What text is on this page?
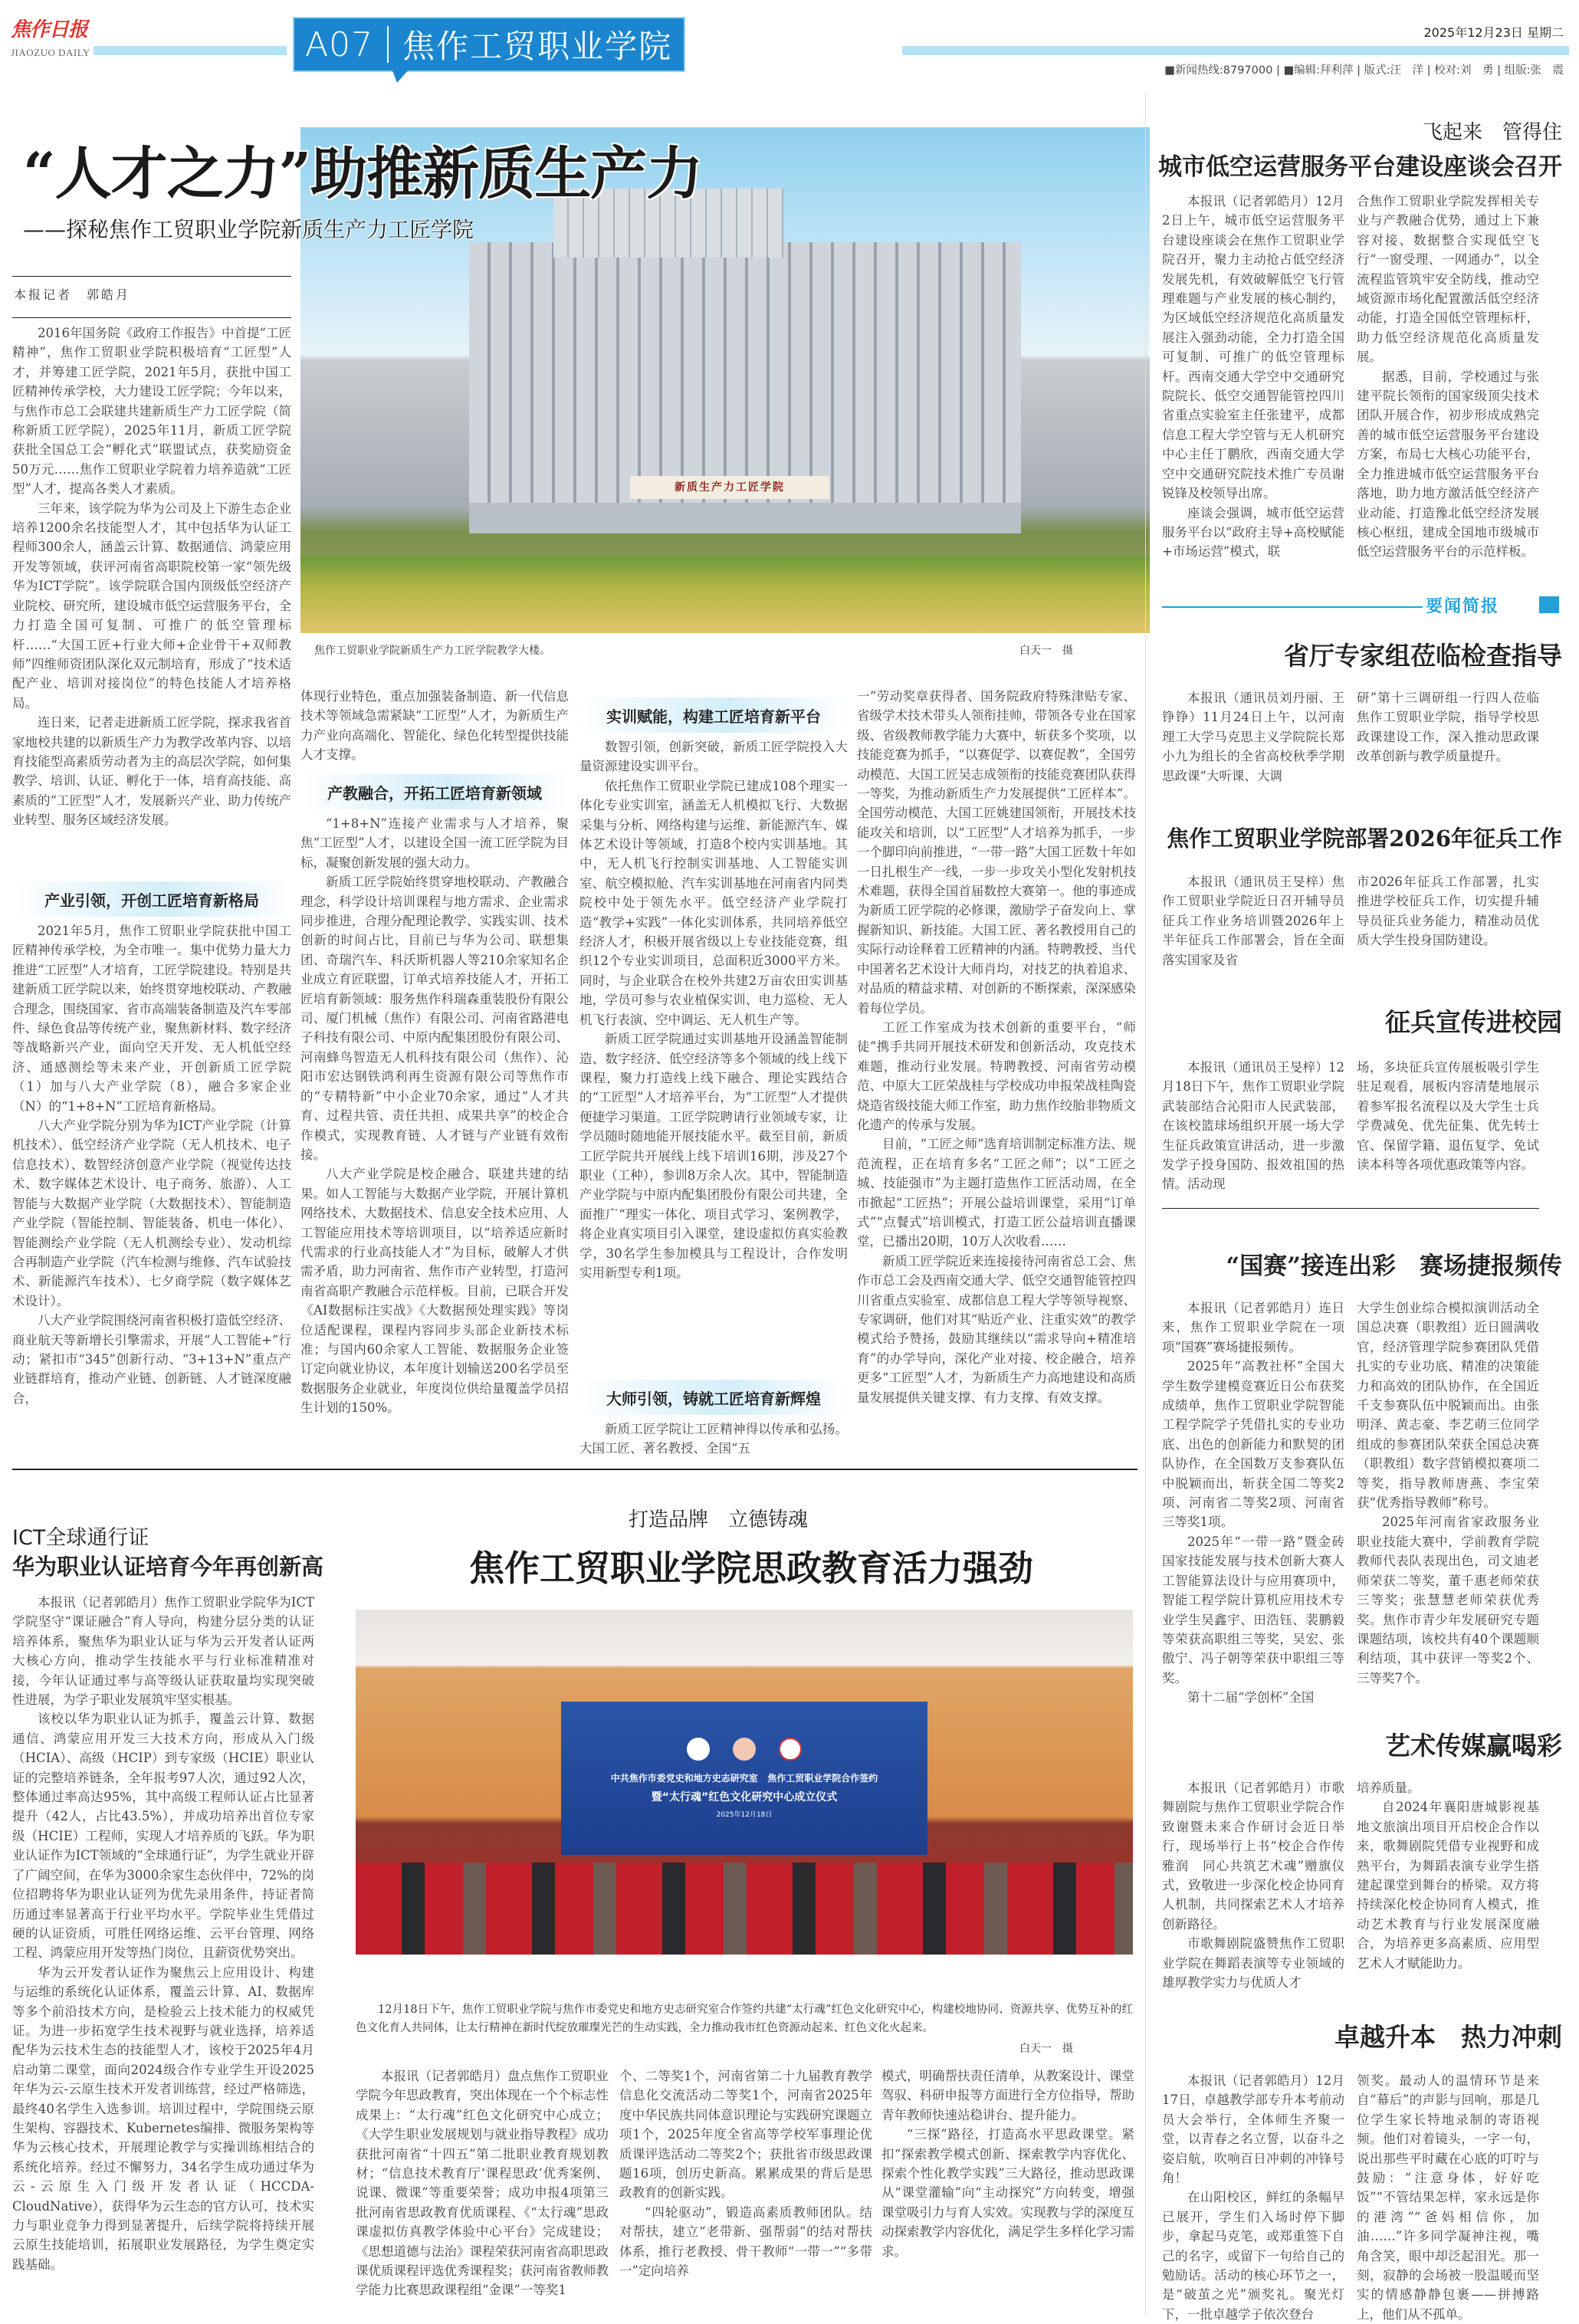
焦作日报
JIAOZUO DAILY	A07 焦作工贸职业学院	2025年12月23日 星期二
■新闻热线:8797000 | ■编辑:拜利萍 | 版式:汪　洋 | 校对:刘　勇 | 组版:张　震
新质生产力工匠学院
“人才之力”助推新质生产力
——探秘焦作工贸职业学院新质生产力工匠学院
本报记者　郭皓月
焦作工贸职业学院新质生产力工匠学院教学大楼。	白天一　摄

2016年国务院《政府工作报告》中首提“工匠精神”，焦作工贸职业学院积极培育“工匠型”人才，并筹建工匠学院，2021年5月，获批中国工匠精神传承学校，大力建设工匠学院；今年以来，与焦作市总工会联建共建新质生产力工匠学院（简称新质工匠学院），2025年11月，新质工匠学院获批全国总工会“孵化式”联盟试点，获奖励资金50万元……焦作工贸职业学院着力培养造就“工匠型”人才，提高各类人才素质。

三年来，该学院为华为公司及上下游生态企业培养1200余名技能型人才，其中包括华为认证工程师300余人，涵盖云计算、数据通信、鸿蒙应用开发等领域，获评河南省高职院校第一家“领先级华为ICT学院”。该学院联合国内顶级低空经济产业院校、研究所，建设城市低空运营服务平台，全力打造全国可复制、可推广的低空管理标杆……“大国工匠+行业大师+企业骨干+双师教师”四维师资团队深化双元制培育，形成了“技术适配产业、培训对接岗位”的特色技能人才培养格局。

连日来，记者走进新质工匠学院，探求我省首家地校共建的以新质生产力为教学改革内容、以培育技能型高素质劳动者为主的高层次学院，如何集教学、培训、认证、孵化于一体，培育高技能、高素质的“工匠型”人才，发展新兴产业、助力传统产业转型、服务区域经济发展。

产业引领，开创工匠培育新格局

2021年5月，焦作工贸职业学院获批中国工匠精神传承学校，为全市唯一。集中优势力量大力推进“工匠型”人才培育，工匠学院建设。特别是共建新质工匠学院以来，始终贯穿地校联动、产教融合理念，围绕国家、省市高端装备制造及汽车零部件、绿色食品等传统产业，聚焦新材料、数字经济等战略新兴产业，面向空天开发、无人机低空经济、通感测绘等未来产业，开创新质工匠学院（1）加与八大产业学院（8），融合多家企业（N）的“1+8+N”工匠培育新格局。

八大产业学院分别为华为ICT产业学院（计算机技术）、低空经济产业学院（无人机技术、电子信息技术）、数智经济创意产业学院（视觉传达技术、数字媒体艺术设计、电子商务、旅游）、人工智能与大数据产业学院（大数据技术）、智能制造产业学院（智能控制、智能装备、机电一体化）、智能测绘产业学院（无人机测绘专业）、发动机综合再制造产业学院（汽车检测与维修、汽车试验技术、新能源汽车技术）、七夕商学院（数字媒体艺术设计）。

八大产业学院围绕河南省积极打造低空经济、商业航天等新增长引擎需求，开展“人工智能+”行动；紧扣市“345”创新行动、“3+13+N”重点产业链群培育，推动产业链、创新链、人才链深度融合，

体现行业特色，重点加强装备制造、新一代信息技术等领域急需紧缺“工匠型”人才，为新质生产力产业向高端化、智能化、绿色化转型提供技能人才支撑。

产教融合，开拓工匠培育新领域

“1+8+N”连接产业需求与人才培养，聚焦“工匠型”人才，以建设全国一流工匠学院为目标，凝聚创新发展的强大动力。

新质工匠学院始终贯穿地校联动、产教融合理念，科学设计培训课程与地方需求、企业需求同步推进，合理分配理论教学、实践实训、技术创新的时间占比，目前已与华为公司、联想集团、奇瑞汽车、科沃斯机器人等210余家知名企业成立育匠联盟，订单式培养技能人才，开拓工匠培育新领域：服务焦作科瑞森重装股份有限公司、厦门机械（焦作）有限公司、河南省路港电子科技有限公司、中原内配集团股份有限公司、河南蜂鸟智造无人机科技有限公司（焦作）、沁阳市宏达钢铁鸿利再生资源有限公司等焦作市的“专精特新”中小企业70余家，通过“人才共育、过程共管、责任共担、成果共享”的校企合作模式，实现教育链、人才链与产业链有效衔接。

八大产业学院是校企融合、联建共建的结果。如人工智能与大数据产业学院，开展计算机网络技术、大数据技术、信息安全技术应用、人工智能应用技术等培训项目，以“培养适应新时代需求的行业高技能人才”为目标，破解人才供需矛盾，助力河南省、焦作市产业转型，打造河南省高职产教融合示范样板。目前，已联合开发《AI数据标注实战》《大数据预处理实践》等岗位适配课程，课程内容同步头部企业新技术标准；与国内60余家人工智能、数据服务企业签订定向就业协议，本年度计划输送200名学员至数据服务企业就业，年度岗位供给量覆盖学员招生计划的150%。

实训赋能，构建工匠培育新平台

数智引领，创新突破，新质工匠学院投入大量资源建设实训平台。

依托焦作工贸职业学院已建成108个理实一体化专业实训室，涵盖无人机模拟飞行、大数据采集与分析、网络构建与运维、新能源汽车、媒体艺术设计等领域，打造8个校内实训基地。其中，无人机飞行控制实训基地、人工智能实训室、航空模拟舱、汽车实训基地在河南省内同类院校中处于领先水平。低空经济产业学院打造“教学+实践”一体化实训体系，共同培养低空经济人才，积极开展省级以上专业技能竞赛，组织12个专业实训项目，总面积近3000平方米。同时，与企业联合在校外共建2万亩农田实训基地，学员可参与农业植保实训、电力巡检、无人机飞行表演、空中调运、无人机生产等。

新质工匠学院通过实训基地开设涵盖智能制造、数字经济、低空经济等多个领域的线上线下课程，聚力打造线上线下融合、理论实践结合的“工匠型”人才培养平台，为“工匠型”人才提供便捷学习渠道。工匠学院聘请行业领域专家，让学员随时随地能开展技能水平。截至目前，新质工匠学院共开展线上线下培训16期，涉及27个职业（工种），参训8万余人次。其中，智能制造产业学院与中原内配集团股份有限公司共建，全面推广“理实一体化、项目式学习、案例教学，将企业真实项目引入课堂，建设虚拟仿真实验教学，30名学生参加模具与工程设计，合作发明实用新型专利1项。

大师引领，铸就工匠培育新辉煌

新质工匠学院让工匠精神得以传承和弘扬。大国工匠、著名教授、全国“五

一”劳动奖章获得者、国务院政府特殊津贴专家、省级学术技术带头人领衔挂帅，带领各专业在国家级、省级教师教学能力大赛中，斩获多个奖项，以技能竞赛为抓手，“以赛促学、以赛促教”，全国劳动模范、大国工匠吴志成领衔的技能竞赛团队获得一等奖，为推动新质生产力发展提供“工匠样本”。全国劳动模范、大国工匠姚建国领衔，开展技术技能攻关和培训，以“工匠型”人才培养为抓手，一步一个脚印向前推进，“一带一路”大国工匠数十年如一日扎根生产一线，一步一步攻关小型化发射机技术难题，获得全国首届数控大赛第一。他的事迹成为新质工匠学院的必修课，激励学子奋发向上、掌握新知识、新技能。大国工匠、著名教授用自己的实际行动诠释着工匠精神的内涵。特聘教授、当代中国著名艺术设计大师肖均，对技艺的执着追求、对品质的精益求精、对创新的不断探索，深深感染着每位学员。

工匠工作室成为技术创新的重要平台，“师徒”携手共同开展技术研发和创新活动，攻克技术难题，推动行业发展。特聘教授、河南省劳动模范、中原大工匠荣战桂与学校成功申报荣战桂陶瓷烧造省级技能大师工作室，助力焦作绞胎非物质文化遗产的传承与发展。

目前，“工匠之师”选育培训制定标准方法、规范流程，正在培育多名“工匠之师”；以“工匠之城、技能强市”为主题打造焦作工匠活动周，在全市掀起“工匠热”；开展公益培训课堂，采用“订单式”“点餐式”培训模式，打造工匠公益培训直播课堂，已播出20期，10万人次收看……

新质工匠学院近来连接接待河南省总工会、焦作市总工会及西南交通大学、低空交通智能管控四川省重点实验室、成都信息工程大学等领导视察、专家调研，他们对其“贴近产业、注重实效”的教学模式给予赞扬，鼓励其继续以“需求导向+精准培育”的办学导向，深化产业对接、校企融合，培养更多“工匠型”人才，为新质生产力高地建设和高质量发展提供关键支撑、有力支撑、有效支撑。

ICT全球通行证
华为职业认证培育今年再创新高

本报讯（记者郭皓月）焦作工贸职业学院华为ICT学院坚守“课证融合”育人导向，构建分层分类的认证培养体系，聚焦华为职业认证与华为云开发者认证两大核心方向，推动学生技能水平与行业标准精准对接，今年认证通过率与高等级认证获取量均实现突破性进展，为学子职业发展筑牢坚实根基。

该校以华为职业认证为抓手，覆盖云计算、数据通信、鸿蒙应用开发三大技术方向，形成从入门级（HCIA）、高级（HCIP）到专家级（HCIE）职业认证的完整培养链条，全年报考97人次，通过92人次，整体通过率高达95%，其中高级工程师认证占比显著提升（42人，占比43.5%），并成功培养出首位专家级（HCIE）工程师，实现人才培养质的飞跃。华为职业认证作为ICT领域的“全球通行证”，为学生就业开辟了广阔空间，在华为3000余家生态伙伴中，72%的岗位招聘将华为职业认证列为优先录用条件，持证者简历通过率显著高于行业平均水平。学院毕业生凭借过硬的认证资质，可胜任网络运维、云平台管理、网络工程、鸿蒙应用开发等热门岗位，且薪资优势突出。

华为云开发者认证作为聚焦云上应用设计、构建与运维的系统化认证体系，覆盖云计算、AI、数据库等多个前沿技术方向，是检验云上技术能力的权威凭证。为进一步拓宽学生技术视野与就业选择，培养适配华为云技术生态的技能型人才，该校于2025年4月启动第二课堂，面向2024级合作专业学生开设2025年华为云-云原生技术开发者训练营，经过严格筛选，最终40名学生入选参训。培训过程中，学院围绕云原生架构、容器技术、Kubernetes编排、微服务架构等华为云核心技术，开展理论教学与实操训练相结合的系统化培养。经过不懈努力，34名学生成功通过华为云-云原生入门级开发者认证（HCCDA-CloudNative），获得华为云生态的官方认可，技术实力与职业竞争力得到显著提升，后续学院将持续开展云原生技能培训，拓展职业发展路径，为学生奠定实践基础。

打造品牌　立德铸魂
焦作工贸职业学院思政教育活力强劲
中共焦作市委党史和地方史志研究室   焦作工贸职业学院合作签约
暨“太行魂”红色文化研究中心成立仪式
2025年12月18日
12月18日下午，焦作工贸职业学院与焦作市委党史和地方史志研究室合作签约共建“太行魂”红色文化研究中心，构建校地协同、资源共享、优势互补的红色文化育人共同体，让太行精神在新时代绽放璀璨光芒的生动实践，全力推动我市红色资源动起来、红色文化火起来。
白天一　摄

本报讯（记者郭皓月）盘点焦作工贸职业学院今年思政教育，突出体现在一个个标志性成果上：“太行魂”红色文化研究中心成立；《大学生职业发展规划与就业指导教程》成功获批河南省“十四五”第二批职业教育规划教材；“信息技术教育厅‘课程思政’优秀案例、说课、微课”等重要荣誉；成功申报4项第三批河南省思政教育优质课程、《“太行魂”思政课虚拟仿真教学体验中心平台》完成建设；《思想道德与法治》课程荣获河南省高职思政课优质课程评选优秀课程奖；获河南省教师教学能力比赛思政课程组“金课”一等奖1

个、二等奖1个，河南省第二十九届教育教学信息化交流活动二等奖1个，河南省2025年度中华民族共同体意识理论与实践研究课题立项1个，2025年度全省高等学校军事理论优质课评选活动二等奖2个；获批省市级思政课题16项，创历史新高。累累成果的背后是思政教育的创新实践。

“四轮驱动”，锻造高素质教师团队。结对帮扶，建立“老带新、强帮弱”的结对帮扶体系，推行老教授、骨干教师“一带一”“多带一”定向培养

模式，明确帮扶责任清单，从教案设计、课堂驾驭、科研申报等方面进行全方位指导，帮助青年教师快速站稳讲台、提升能力。

“三探”路径，打造高水平思政课堂。紧扣“探索教学模式创新、探索教学内容优化、探索个性化教学实践”三大路径，推动思政课从“课堂灌输”向“主动探究”方向转变，增强课堂吸引力与育人实效。实现教与学的深度互动探索教学内容优化，满足学生多样化学习需求。

飞起来　管得住
城市低空运营服务平台建设座谈会召开

本报讯（记者郭皓月）12月2日上午，城市低空运营服务平台建设座谈会在焦作工贸职业学院召开，聚力主动抢占低空经济发展先机，有效破解低空飞行管理难题与产业发展的核心制约，为区域低空经济规范化高质量发展注入强劲动能，全力打造全国可复制、可推广的低空管理标杆。西南交通大学空中交通研究院院长、低空交通智能管控四川省重点实验室主任张建平，成都信息工程大学空管与无人机研究中心主任丁鹏欣，西南交通大学空中交通研究院技术推广专员谢锐锋及校领导出席。

座谈会强调，城市低空运营服务平台以“政府主导+高校赋能+市场运营”模式，联

合焦作工贸职业学院发挥相关专业与产教融合优势，通过上下兼容对接、数据整合实现低空飞行“一窗受理、一网通办”，以全流程监管筑牢安全防线，推动空域资源市场化配置激活低空经济动能，打造全国低空管理标杆，助力低空经济规范化高质量发展。

据悉，目前，学校通过与张建平院长领衔的国家级顶尖技术团队开展合作，初步形成成熟完善的城市低空运营服务平台建设方案，布局七大核心功能平台，全力推进城市低空运营服务平台落地，助力地方激活低空经济产业动能、打造豫北低空经济发展核心枢纽，建成全国地市级城市低空运营服务平台的示范样板。

要闻简报
省厅专家组莅临检查指导

本报讯（通讯员刘丹丽、王铮铮）11月24日上午，以河南理工大学马克思主义学院院长郑小九为组长的全省高校秋季学期思政课“大听课、大调

研”第十三调研组一行四人莅临焦作工贸职业学院，指导学校思政课建设工作，深入推动思政课改革创新与教学质量提升。

焦作工贸职业学院部署2026年征兵工作

本报讯（通讯员王旻梓）焦作工贸职业学院近日召开辅导员征兵工作业务培训暨2026年上半年征兵工作部署会，旨在全面落实国家及省

市2026年征兵工作部署，扎实推进学校征兵工作，切实提升辅导员征兵业务能力，精准动员优质大学生投身国防建设。

征兵宣传进校园

本报讯（通讯员王旻梓）12月18日下午，焦作工贸职业学院武装部结合沁阳市人民武装部，在该校篮球场组织开展一场大学生征兵政策宣讲活动，进一步激发学子投身国防、报效祖国的热情。活动现

场，多块征兵宣传展板吸引学生驻足观看，展板内容清楚地展示着参军报名流程以及大学生士兵学费减免、优先征集、优先转士官、保留学籍、退伍复学、免试读本科等各项优惠政策等内容。

“国赛”接连出彩　赛场捷报频传

本报讯（记者郭皓月）连日来，焦作工贸职业学院在一项项“国赛”赛场捷报频传。

2025年“高教社杯”全国大学生数学建模竞赛近日公布获奖成绩单，焦作工贸职业学院智能工程学院学子凭借扎实的专业功底、出色的创新能力和默契的团队协作，在全国数万支参赛队伍中脱颖而出，斩获全国二等奖2项、河南省二等奖2项、河南省三等奖1项。

2025年“一带一路”暨金砖国家技能发展与技术创新大赛人工智能算法设计与应用赛项中，智能工程学院计算机应用技术专业学生吴鑫宇、田浩钰、裴鹏毅等荣获高职组三等奖，吴宏、张傲宁、冯子朝等荣获中职组三等奖。

第十二届“学创杯”全国

大学生创业综合模拟演训活动全国总决赛（职教组）近日圆满收官，经济管理学院参赛团队凭借扎实的专业功底、精准的决策能力和高效的团队协作，在全国近千支参赛队伍中脱颖而出。由张明泽、黄志豪、李艺萌三位同学组成的参赛团队荣获全国总决赛（职教组）数字营销模拟赛项二等奖，指导教师唐燕、李宝荣获“优秀指导教师”称号。

2025年河南省家政服务业职业技能大赛中，学前教育学院教师代表队表现出色，司文迪老师荣获二等奖，董千惠老师荣获三等奖；张慧慧老师荣获优秀奖。焦作市青少年发展研究专题课题结项，该校共有40个课题顺利结项，其中获评一等奖2个、三等奖7个。

艺术传媒赢喝彩

本报讯（记者郭皓月）市歌舞剧院与焦作工贸职业学院合作致谢暨未来合作研讨会近日举行，现场举行上书“校企合作传雅润　同心共筑艺术魂”赠旗仪式，致敬进一步深化校企协同育人机制，共同探索艺术人才培养创新路径。

市歌舞剧院盛赞焦作工贸职业学院在舞蹈表演等专业领域的雄厚教学实力与优质人才

培养质量。

自2024年襄阳唐城影视基地文旅演出项目开启校企合作以来，歌舞剧院凭借专业视野和成熟平台，为舞蹈表演专业学生搭建起课堂到舞台的桥梁。双方将持续深化校企协同育人模式，推动艺术教育与行业发展深度融合，为培养更多高素质、应用型艺术人才赋能助力。

卓越升本　热力冲刺

本报讯（记者郭皓月）12月17日，卓越教学部专升本考前动员大会举行，全体师生齐聚一堂，以青春之名立誓，以奋斗之姿启航，吹响百日冲刺的冲锋号角！

在山阳校区，鲜红的条幅早已展开，学生们入场时停下脚步，拿起马克笔，或郑重签下自己的名字，或留下一句给自己的勉励话。活动的核心环节之一，是“破茧之光”颁奖礼。聚光灯下，一批卓越学子依次登台

领奖。最动人的温情环节是来自“幕后”的声影与回响，那是几位学生家长特地录制的寄语视频。他们对着镜头，一字一句，说出那些平时藏在心底的叮咛与鼓励：“注意身体，好好吃饭”“不管结果怎样，家永远是你的港湾”“爸妈相信你，加油……”许多同学凝神注视，嘴角含笑，眼中却泛起泪光。那一刻，寂静的会场被一股温暖而坚实的情感静静包裹——拼搏路上，他们从不孤单。
